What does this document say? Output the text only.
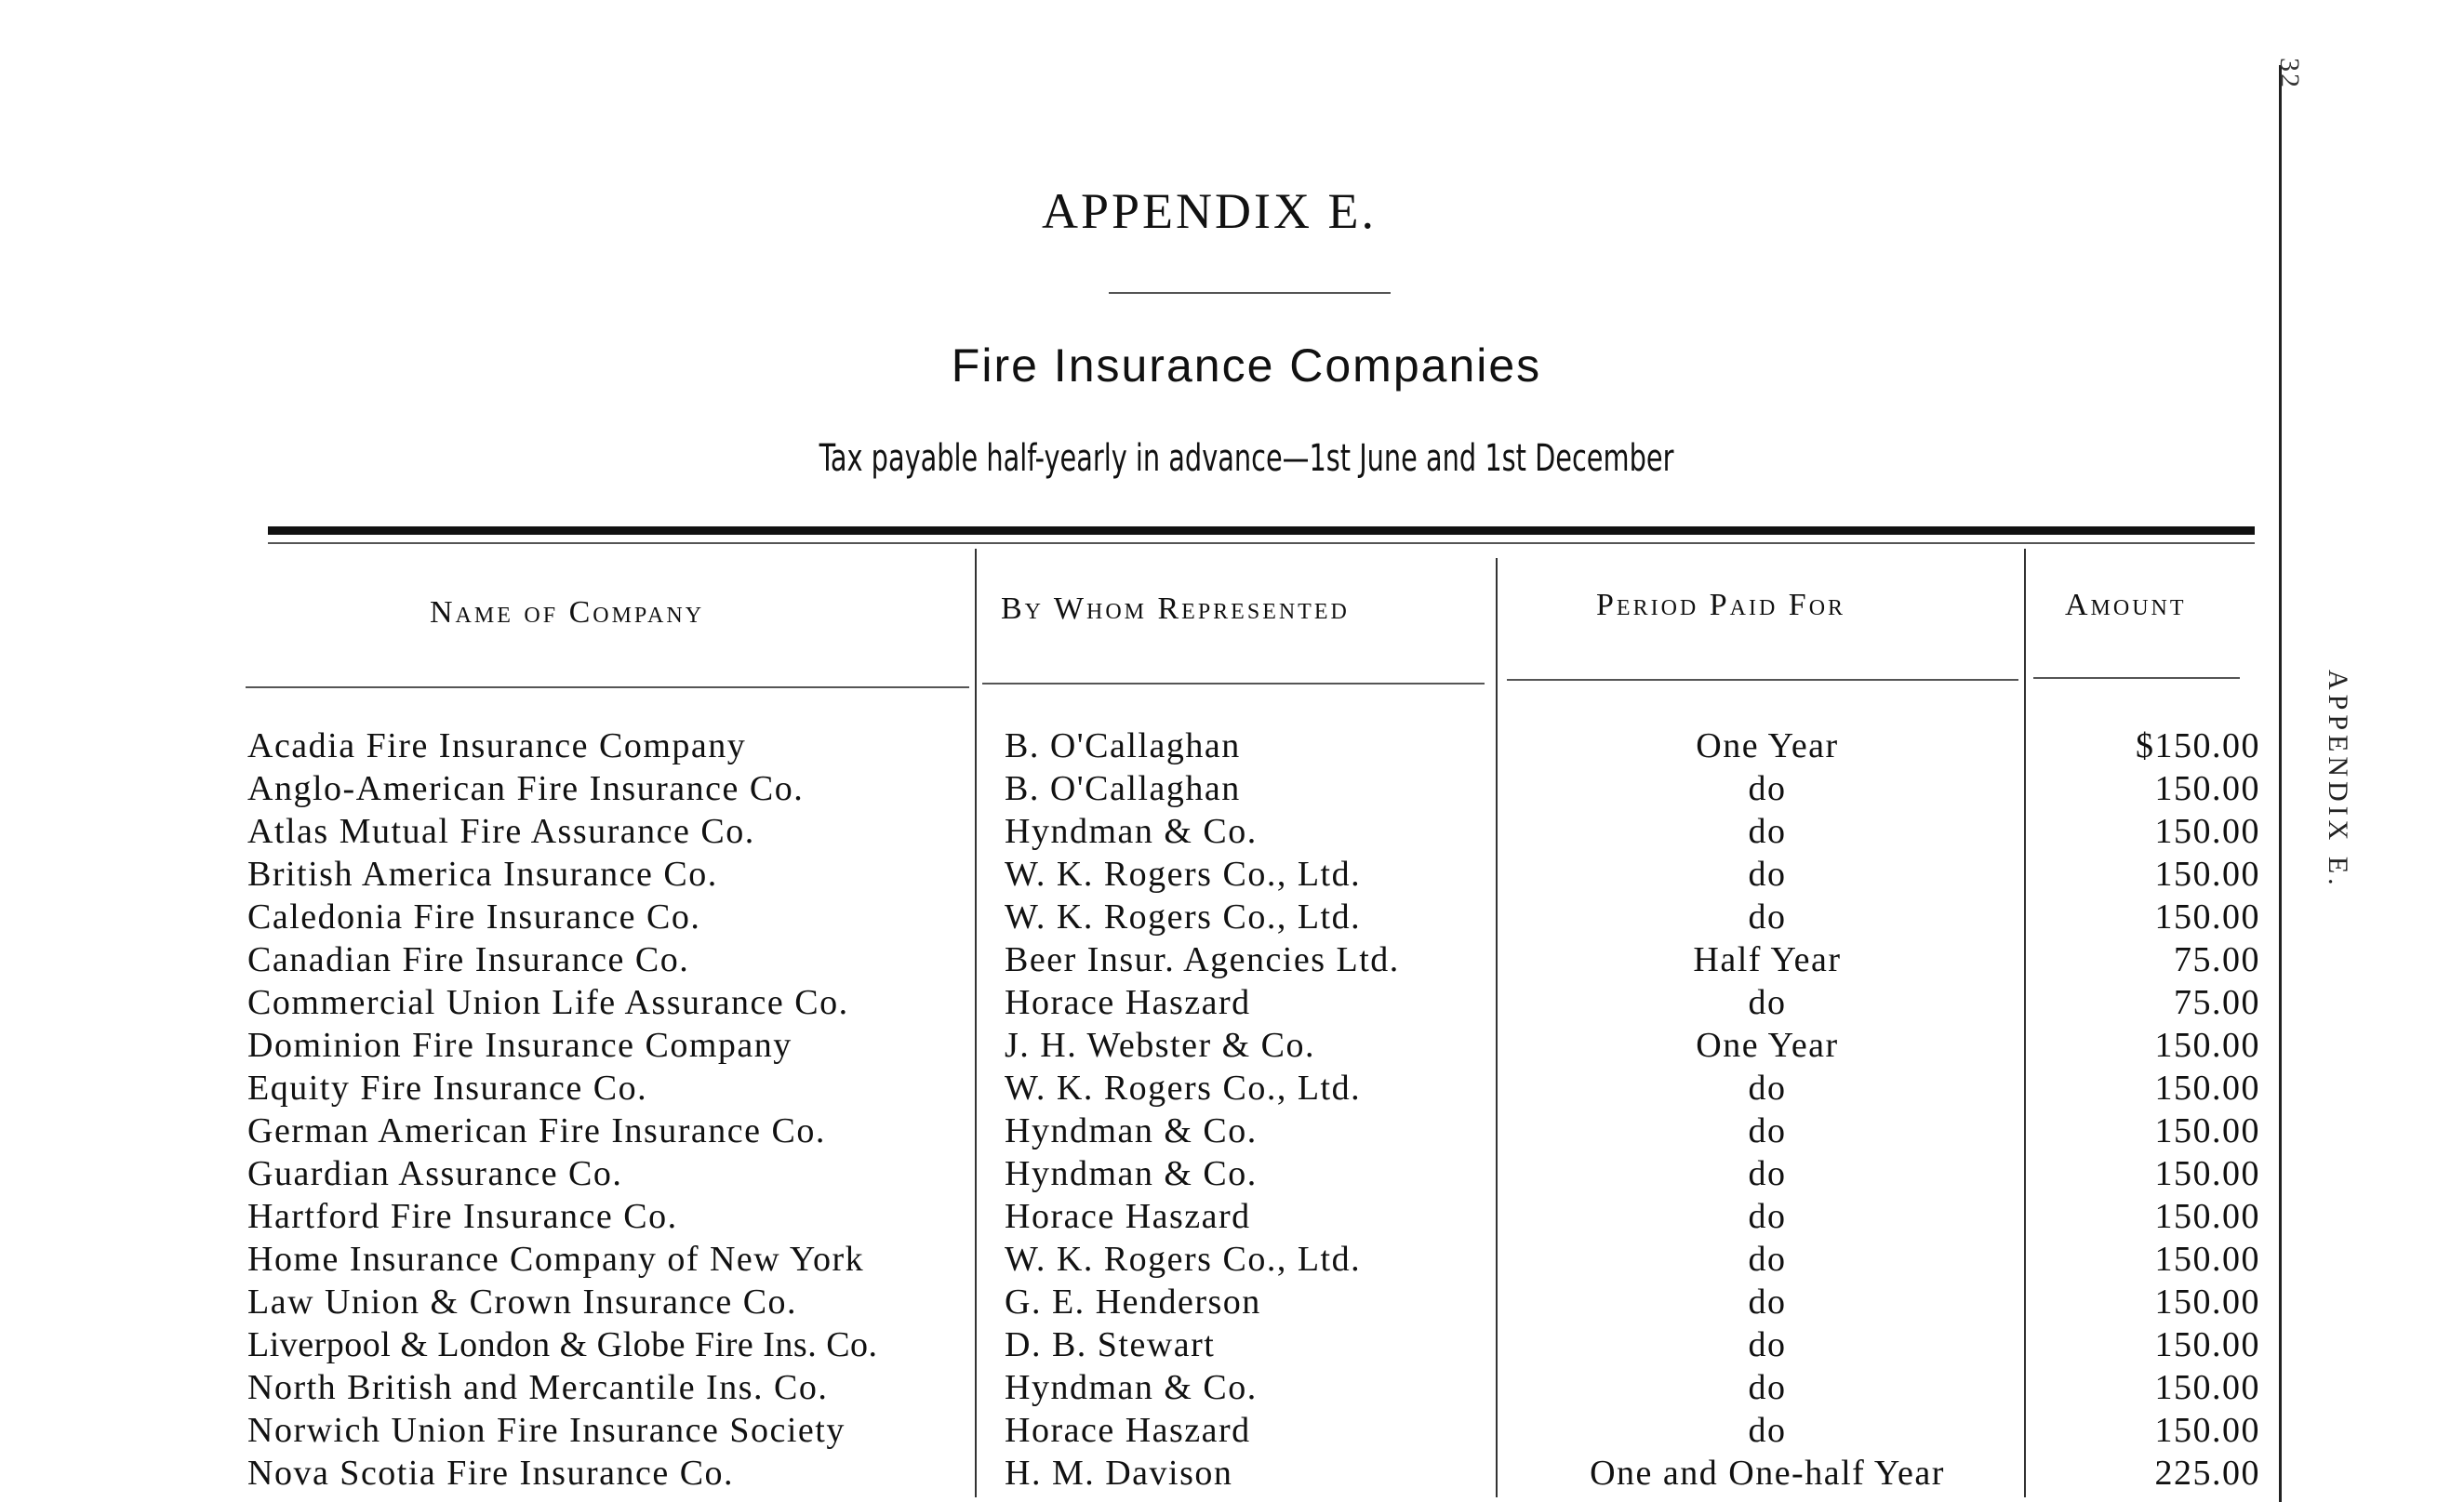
32
APPENDIX E.
APPENDIX E.
Fire Insurance Companies
Tax payable half-yearly in advance—1st June and 1st December
Name of Company	By Whom Represented	Period Paid For	Amount
Acadia Fire Insurance Company	B. O'Callaghan	One Year	$150.00
Anglo-American Fire Insurance Co.	B. O'Callaghan	do	150.00
Atlas Mutual Fire Assurance Co.	Hyndman & Co.	do	150.00
British America Insurance Co.	W. K. Rogers Co., Ltd.	do	150.00
Caledonia Fire Insurance Co.	W. K. Rogers Co., Ltd.	do	150.00
Canadian Fire Insurance Co.	Beer Insur. Agencies Ltd.	Half Year	75.00
Commercial Union Life Assurance Co.	Horace Haszard	do	75.00
Dominion Fire Insurance Company	J. H. Webster & Co.	One Year	150.00
Equity Fire Insurance Co.	W. K. Rogers Co., Ltd.	do	150.00
German American Fire Insurance Co.	Hyndman & Co.	do	150.00
Guardian Assurance Co.	Hyndman & Co.	do	150.00
Hartford Fire Insurance Co.	Horace Haszard	do	150.00
Home Insurance Company of New York	W. K. Rogers Co., Ltd.	do	150.00
Law Union & Crown Insurance Co.	G. E. Henderson	do	150.00
Liverpool & London & Globe Fire Ins. Co.	D. B. Stewart	do	150.00
North British and Mercantile Ins. Co.	Hyndman & Co.	do	150.00
Norwich Union Fire Insurance Society	Horace Haszard	do	150.00
Nova Scotia Fire Insurance Co.	H. M. Davison	One and One-half Year	225.00
